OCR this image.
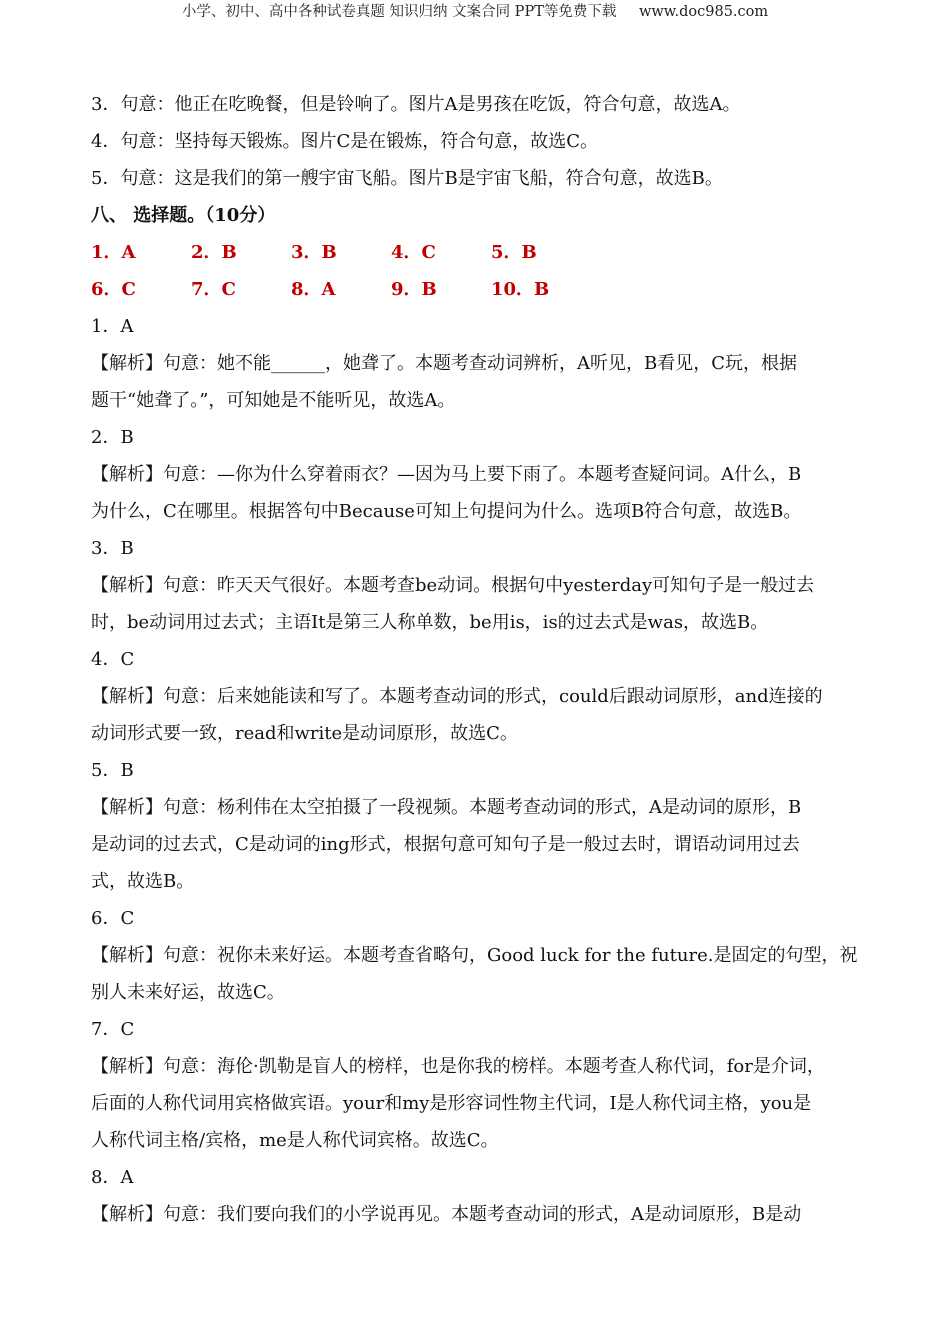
小学、初中、高中各种试卷真题 知识归纳 文案合同 PPT等免费下载 www.doc985.com
3．句意：他正在吃晚餐，但是铃响了。图片A是男孩在吃饭，符合句意，故选A。
4．句意：坚持每天锻炼。图片C是在锻炼，符合句意，故选C。
5．句意：这是我们的第一艘宇宙飞船。图片B是宇宙飞船，符合句意，故选B。
八、 选择题。（10分）
1．A	2．B	3．B	4．C	5．B
6．C	7．C	8．A	9．B	10．B
1．A
【解析】句意：她不能______，她聋了。本题考查动词辨析，A听见，B看见，C玩，根据
题干“她聋了。”，可知她是不能听见，故选A。
2．B
【解析】句意：—你为什么穿着雨衣？—因为马上要下雨了。本题考查疑问词。A什么，B
为什么，C在哪里。根据答句中Because可知上句提问为什么。选项B符合句意，故选B。
3．B
【解析】句意：昨天天气很好。本题考查be动词。根据句中yesterday可知句子是一般过去
时，be动词用过去式；主语It是第三人称单数，be用is，is的过去式是was，故选B。
4．C
【解析】句意：后来她能读和写了。本题考查动词的形式，could后跟动词原形，and连接的
动词形式要一致，read和write是动词原形，故选C。
5．B
【解析】句意：杨利伟在太空拍摄了一段视频。本题考查动词的形式，A是动词的原形，B
是动词的过去式，C是动词的ing形式，根据句意可知句子是一般过去时，谓语动词用过去
式，故选B。
6．C
【解析】句意：祝你未来好运。本题考查省略句，Good luck for the future.是固定的句型，祝
别人未来好运，故选C。
7．C
【解析】句意：海伦·凯勒是盲人的榜样，也是你我的榜样。本题考查人称代词，for是介词，
后面的人称代词用宾格做宾语。your和my是形容词性物主代词，I是人称代词主格，you是
人称代词主格/宾格，me是人称代词宾格。故选C。
8．A
【解析】句意：我们要向我们的小学说再见。本题考查动词的形式，A是动词原形，B是动
